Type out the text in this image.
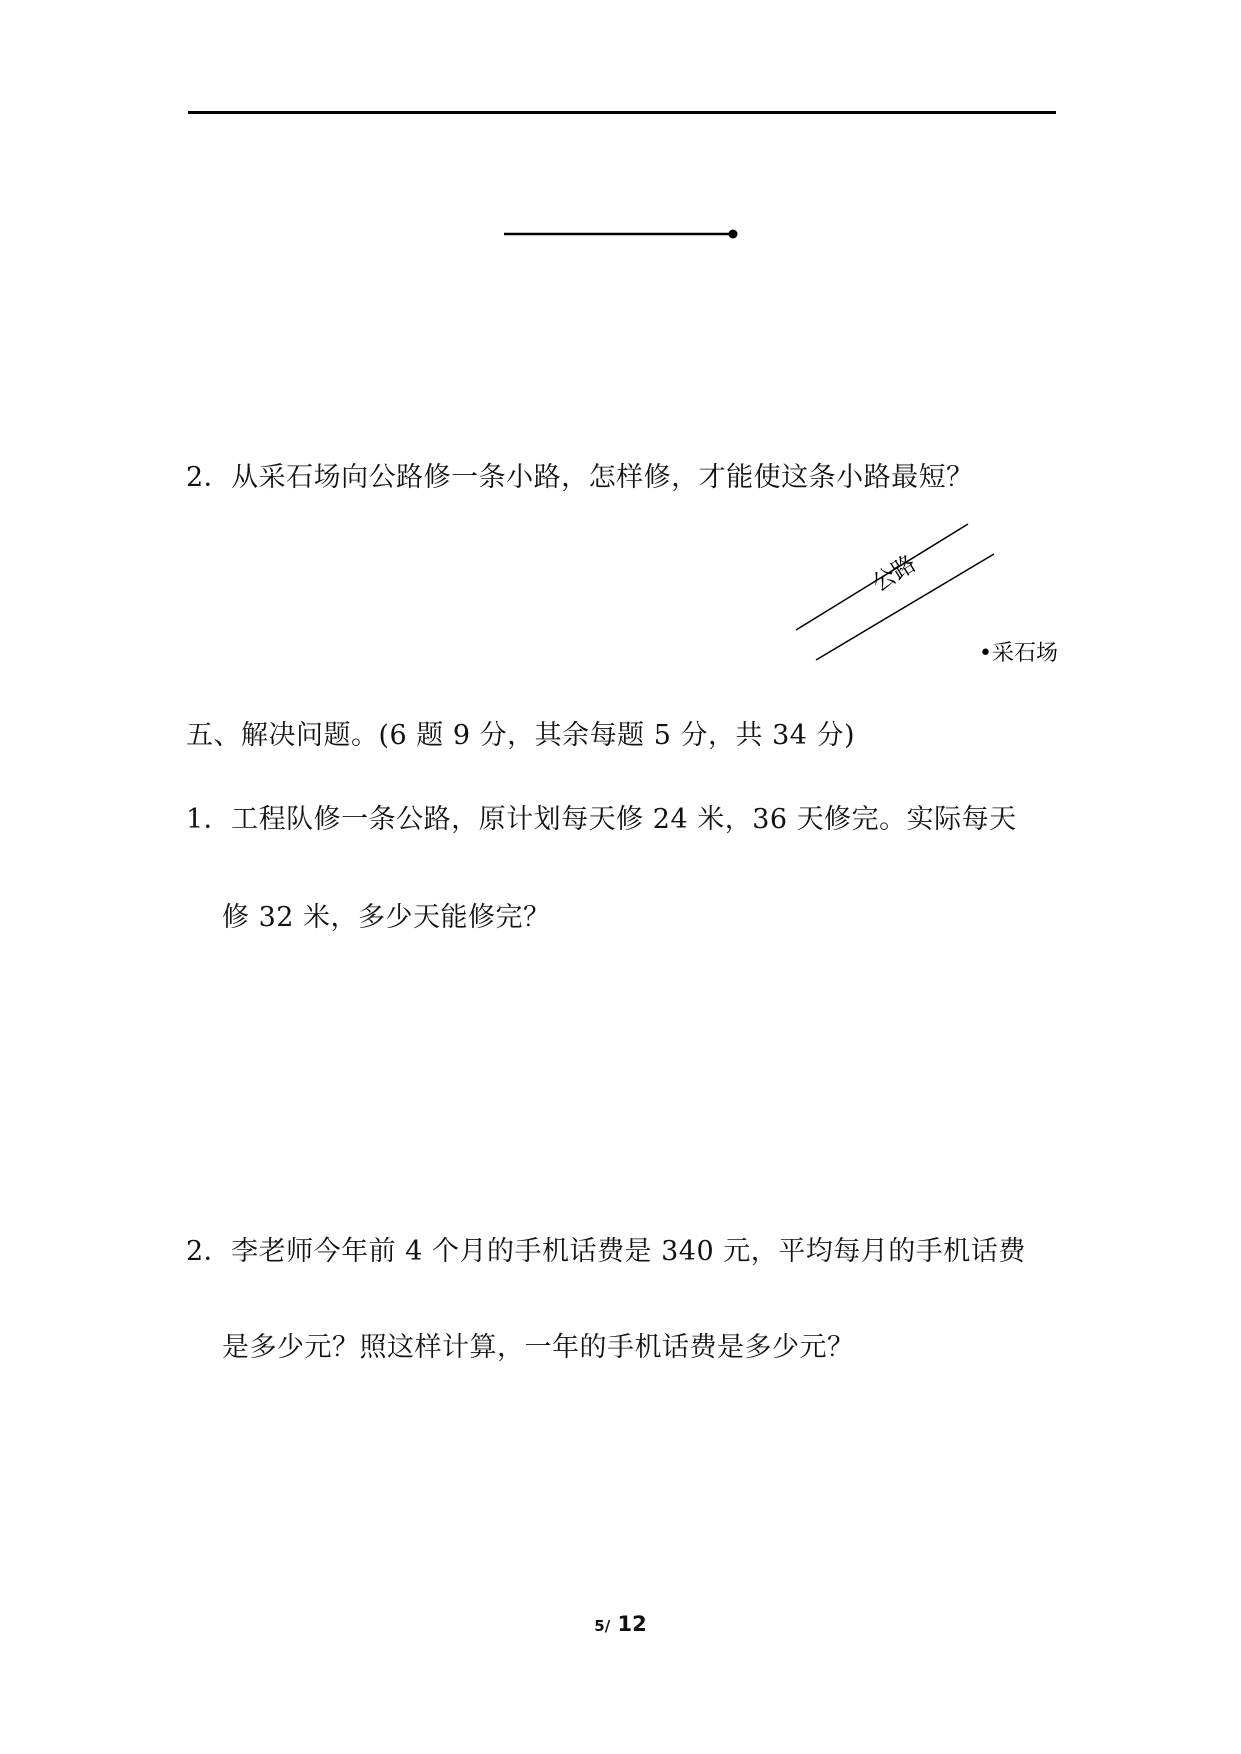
2．从采石场向公路修一条小路，怎样修，才能使这条小路最短？
公路
•采石场
五、解决问题。(6 题 9 分，其余每题 5 分，共 34 分)
1．工程队修一条公路，原计划每天修 24 米，36 天修完。实际每天
修 32 米，多少天能修完？
2．李老师今年前 4 个月的手机话费是 340 元，平均每月的手机话费
是多少元？照这样计算，一年的手机话费是多少元？
5/ 12
